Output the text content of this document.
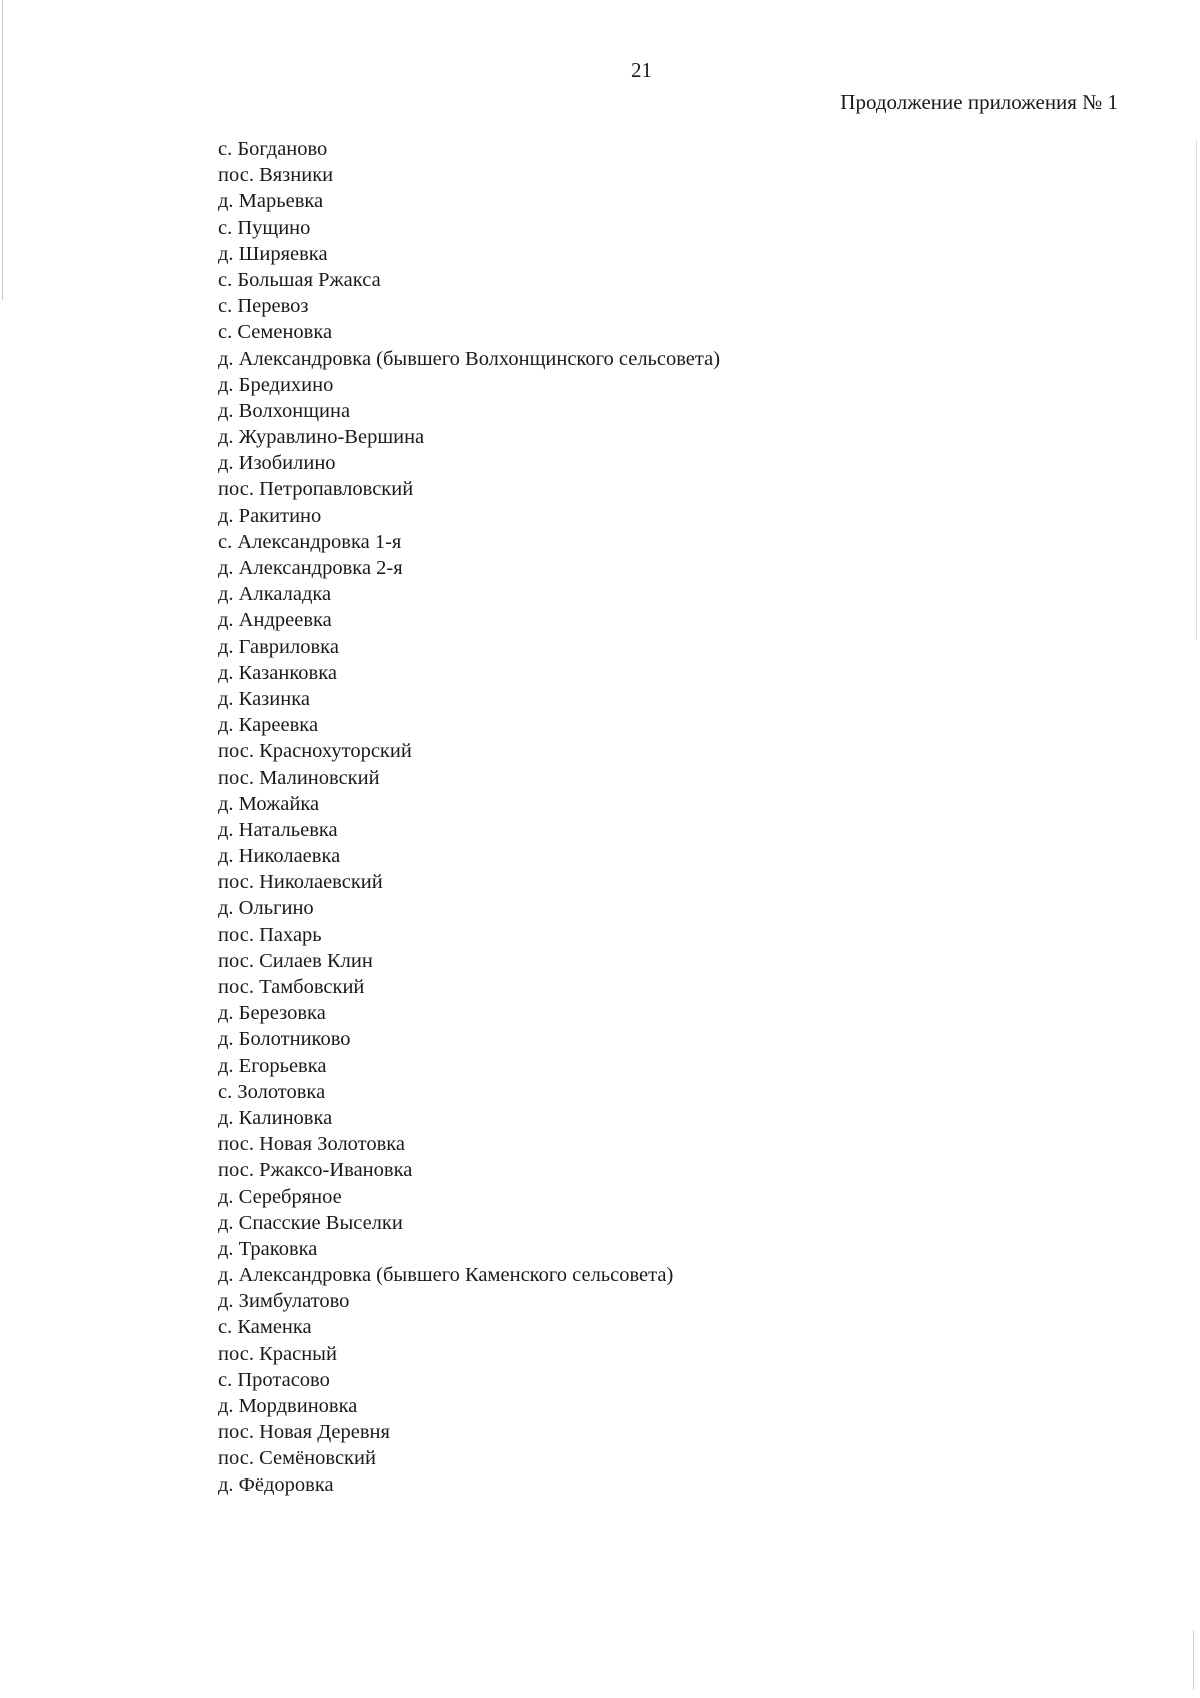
21

Продолжение приложения № 1

с. Богданово
пос. Вязники
д. Марьевка
с. Пущино
д. Ширяевка
с. Большая Ржакса
с. Перевоз
с. Семеновка
д. Александровка (бывшего Волхонщинского сельсовета)
д. Бредихино
д. Волхонщина
д. Журавлино-Вершина
д. Изобилино
пос. Петропавловский
д. Ракитино
с. Александровка 1-я
д. Александровка 2-я
д. Алкаладка
д. Андреевка
д. Гавриловка
д. Казанковка
д. Казинка
д. Кареевка
пос. Краснохуторский
пос. Малиновский
д. Можайка
д. Натальевка
д. Николаевка
пос. Николаевский
д. Ольгино
пос. Пахарь
пос. Силаев Клин
пос. Тамбовский
д. Березовка
д. Болотниково
д. Егорьевка
с. Золотовка
д. Калиновка
пос. Новая Золотовка
пос. Ржаксо-Ивановка
д. Серебряное
д. Спасские Выселки
д. Траковка
д. Александровка (бывшего Каменского сельсовета)
д. Зимбулатово
с. Каменка
пос. Красный
с. Протасово
д. Мордвиновка
пос. Новая Деревня
пос. Семёновский
д. Фёдоровка
